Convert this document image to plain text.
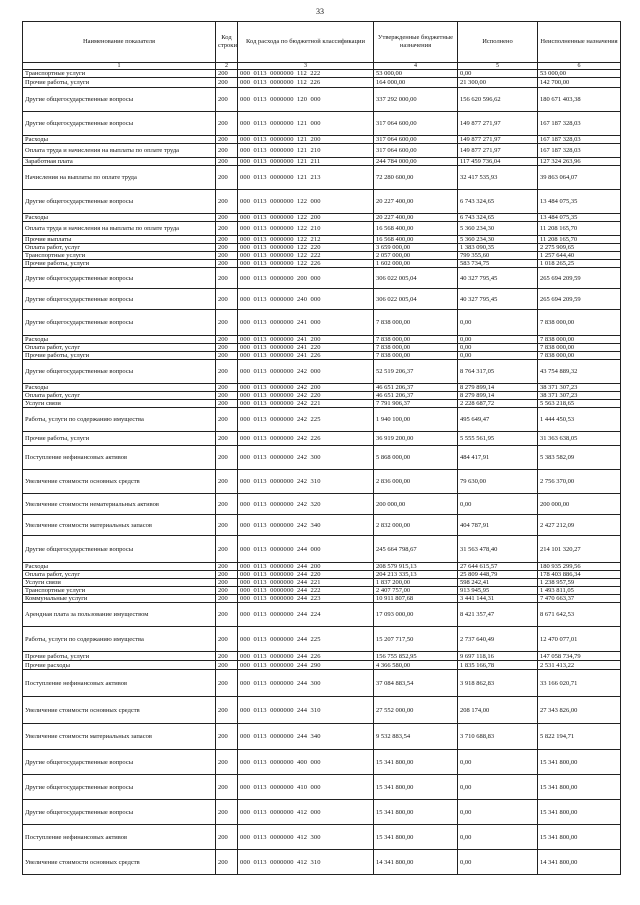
33
Наименование показателя	Код строки	Код расхода по бюджетной классификации	Утвержденные бюджетные назначения	Исполнено	Неисполненные назначения
1	2	3	4	5	6
Транспортные услуги	200	000  0113  0000000  112  222	53 000,00	0,00	53 000,00
Прочие работы, услуги	200	000  0113  0000000  112  226	164 000,00	21 300,00	142 700,00
Другие общегосударственные вопросы	200	000  0113  0000000  120  000	337 292 000,00	156 620 596,62	180 671 403,38
Другие общегосударственные вопросы	200	000  0113  0000000  121  000	317 064 600,00	149 877 271,97	167 187 328,03
Расходы	200	000  0113  0000000  121  200	317 064 600,00	149 877 271,97	167 187 328,03
Оплата труда и начисления на выплаты по оплате труда	200	000  0113  0000000  121  210	317 064 600,00	149 877 271,97	167 187 328,03
Заработная плата	200	000  0113  0000000  121  211	244 784 000,00	117 459 736,04	127 324 263,96
Начисления на выплаты по оплате труда	200	000  0113  0000000  121  213	72 280 600,00	32 417 535,93	39 863 064,07
Другие общегосударственные вопросы	200	000  0113  0000000  122  000	20 227 400,00	6 743 324,65	13 484 075,35
Расходы	200	000  0113  0000000  122  200	20 227 400,00	6 743 324,65	13 484 075,35
Оплата труда и начисления на выплаты по оплате труда	200	000  0113  0000000  122  210	16 568 400,00	5 360 234,30	11 208 165,70
Прочие выплаты	200	000  0113  0000000  122  212	16 568 400,00	5 360 234,30	11 208 165,70
Оплата работ, услуг	200	000  0113  0000000  122  220	3 659 000,00	1 383 090,35	2 275 909,65
Транспортные услуги	200	000  0113  0000000  122  222	2 057 000,00	799 355,60	1 257 644,40
Прочие работы, услуги	200	000  0113  0000000  122  226	1 602 000,00	583 734,75	1 018 265,25
Другие общегосударственные вопросы	200	000  0113  0000000  200  000	306 022 005,04	40 327 795,45	265 694 209,59
Другие общегосударственные вопросы	200	000  0113  0000000  240  000	306 022 005,04	40 327 795,45	265 694 209,59
Другие общегосударственные вопросы	200	000  0113  0000000  241  000	7 838 000,00	0,00	7 838 000,00
Расходы	200	000  0113  0000000  241  200	7 838 000,00	0,00	7 838 000,00
Оплата работ, услуг	200	000  0113  0000000  241  220	7 838 000,00	0,00	7 838 000,00
Прочие работы, услуги	200	000  0113  0000000  241  226	7 838 000,00	0,00	7 838 000,00
Другие общегосударственные вопросы	200	000  0113  0000000  242  000	52 519 206,37	8 764 317,05	43 754 889,32
Расходы	200	000  0113  0000000  242  200	46 651 206,37	8 279 899,14	38 371 307,23
Оплата работ, услуг	200	000  0113  0000000  242  220	46 651 206,37	8 279 899,14	38 371 307,23
Услуги связи	200	000  0113  0000000  242  221	7 791 906,37	2 228 687,72	5 563 218,65
Работы, услуги по содержанию имущества	200	000  0113  0000000  242  225	1 940 100,00	495 649,47	1 444 450,53
Прочие работы, услуги	200	000  0113  0000000  242  226	36 919 200,00	5 555 561,95	31 363 638,05
Поступление нефинансовых активов	200	000  0113  0000000  242  300	5 868 000,00	484 417,91	5 383 582,09
Увеличение стоимости основных средств	200	000  0113  0000000  242  310	2 836 000,00	79 630,00	2 756 370,00
Увеличение стоимости нематериальных активов	200	000  0113  0000000  242  320	200 000,00	0,00	200 000,00
Увеличение стоимости материальных запасов	200	000  0113  0000000  242  340	2 832 000,00	404 787,91	2 427 212,09
Другие общегосударственные вопросы	200	000  0113  0000000  244  000	245 664 798,67	31 563 478,40	214 101 320,27
Расходы	200	000  0113  0000000  244  200	208 579 915,13	27 644 615,57	180 935 299,56
Оплата работ, услуг	200	000  0113  0000000  244  220	204 213 335,13	25 809 448,79	178 403 886,34
Услуги связи	200	000  0113  0000000  244  221	1 837 200,00	598 242,41	1 238 957,59
Транспортные услуги	200	000  0113  0000000  244  222	2 407 757,00	913 945,95	1 493 811,05
Коммунальные услуги	200	000  0113  0000000  244  223	10 911 807,68	3 441 144,31	7 470 663,37
Арендная плата за пользование имуществом	200	000  0113  0000000  244  224	17 093 000,00	8 421 357,47	8 671 642,53
Работы, услуги по содержанию имущества	200	000  0113  0000000  244  225	15 207 717,50	2 737 640,49	12 470 077,01
Прочие работы, услуги	200	000  0113  0000000  244  226	156 755 852,95	9 697 118,16	147 058 734,79
Прочие расходы	200	000  0113  0000000  244  290	4 366 580,00	1 835 166,78	2 531 413,22
Поступление нефинансовых активов	200	000  0113  0000000  244  300	37 084 883,54	3 918 862,83	33 166 020,71
Увеличение стоимости основных средств	200	000  0113  0000000  244  310	27 552 000,00	208 174,00	27 343 826,00
Увеличение стоимости материальных запасов	200	000  0113  0000000  244  340	9 532 883,54	3 710 688,83	5 822 194,71
Другие общегосударственные вопросы	200	000  0113  0000000  400  000	15 341 800,00	0,00	15 341 800,00
Другие общегосударственные вопросы	200	000  0113  0000000  410  000	15 341 800,00	0,00	15 341 800,00
Другие общегосударственные вопросы	200	000  0113  0000000  412  000	15 341 800,00	0,00	15 341 800,00
Поступление нефинансовых активов	200	000  0113  0000000  412  300	15 341 800,00	0,00	15 341 800,00
Увеличение стоимости основных средств	200	000  0113  0000000  412  310	14 341 800,00	0,00	14 341 800,00
